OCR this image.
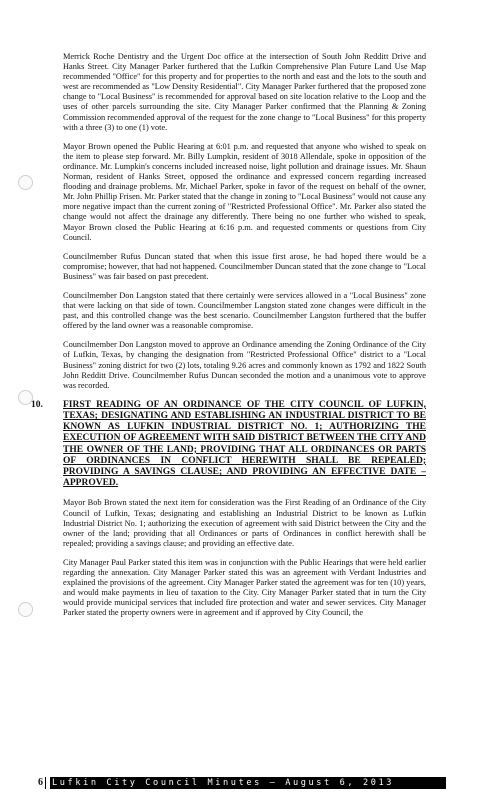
Merrick Roche Dentistry and the Urgent Doc office at the intersection of South John Redditt Drive and Hanks Street. City Manager Parker furthered that the Lufkin Comprehensive Plan Future Land Use Map recommended "Office" for this property and for properties to the north and east and the lots to the south and west are recommended as "Low Density Residential". City Manager Parker furthered that the proposed zone change to "Local Business" is recommended for approval based on site location relative to the Loop and the uses of other parcels surrounding the site. City Manager Parker confirmed that the Planning & Zoning Commission recommended approval of the request for the zone change to "Local Business" for this property with a three (3) to one (1) vote.

Mayor Brown opened the Public Hearing at 6:01 p.m. and requested that anyone who wished to speak on the item to please step forward. Mr. Billy Lumpkin, resident of 3018 Allendale, spoke in opposition of the ordinance. Mr. Lumpkin's concerns included increased noise, light pollution and drainage issues. Mr. Shaun Norman, resident of Hanks Street, opposed the ordinance and expressed concern regarding increased flooding and drainage problems. Mr. Michael Parker, spoke in favor of the request on behalf of the owner, Mr. John Phillip Frisen. Mr. Parker stated that the change in zoning to "Local Business" would not cause any more negative impact than the current zoning of "Restricted Professional Office". Mr. Parker also stated the change would not affect the drainage any differently. There being no one further who wished to speak, Mayor Brown closed the Public Hearing at 6:16 p.m. and requested comments or questions from City Council.

Councilmember Rufus Duncan stated that when this issue first arose, he had hoped there would be a compromise; however, that had not happened. Councilmember Duncan stated that the zone change to "Local Business" was fair based on past precedent.

Councilmember Don Langston stated that there certainly were services allowed in a "Local Business" zone that were lacking on that side of town. Councilmember Langston stated zone changes were difficult in the past, and this controlled change was the best scenario. Councilmember Langston furthered that the buffer offered by the land owner was a reasonable compromise.

Councilmember Don Langston moved to approve an Ordinance amending the Zoning Ordinance of the City of Lufkin, Texas, by changing the designation from "Restricted Professional Office" district to a "Local Business" zoning district for two (2) lots, totaling 9.26 acres and commonly known as 1792 and 1822 South John Redditt Drive. Councilmember Rufus Duncan seconded the motion and a unanimous vote to approve was recorded.

10. FIRST READING OF AN ORDINANCE OF THE CITY COUNCIL OF LUFKIN, TEXAS; DESIGNATING AND ESTABLISHING AN INDUSTRIAL DISTRICT TO BE KNOWN AS LUFKIN INDUSTRIAL DISTRICT NO. 1; AUTHORIZING THE EXECUTION OF AGREEMENT WITH SAID DISTRICT BETWEEN THE CITY AND THE OWNER OF THE LAND; PROVIDING THAT ALL ORDINANCES OR PARTS OF ORDINANCES IN CONFLICT HEREWITH SHALL BE REPEALED; PROVIDING A SAVINGS CLAUSE; AND PROVIDING AN EFFECTIVE DATE – APPROVED.

Mayor Bob Brown stated the next item for consideration was the First Reading of an Ordinance of the City Council of Lufkin, Texas; designating and establishing an Industrial District to be known as Lufkin Industrial District No. 1; authorizing the execution of agreement with said District between the City and the owner of the land; providing that all Ordinances or parts of Ordinances in conflict herewith shall be repealed; providing a savings clause; and providing an effective date.

City Manager Paul Parker stated this item was in conjunction with the Public Hearings that were held earlier regarding the annexation. City Manager Parker stated this was an agreement with Verdant Industries and explained the provisions of the agreement. City Manager Parker stated the agreement was for ten (10) years, and would make payments in lieu of taxation to the City. City Manager Parker stated that in turn the City would provide municipal services that included fire protection and water and sewer services. City Manager Parker stated the property owners were in agreement and if approved by City Council, the

6	Lufkin City Council Minutes – August 6, 2013
